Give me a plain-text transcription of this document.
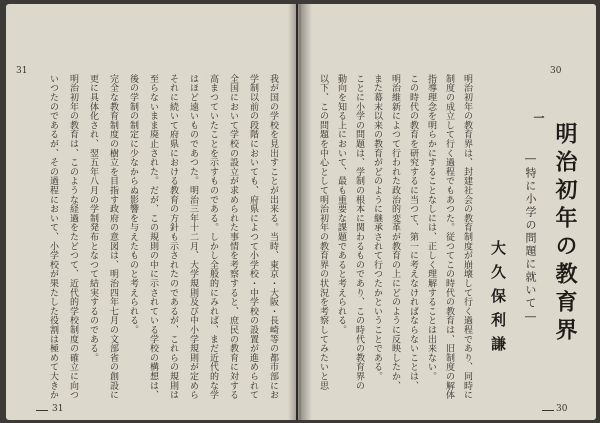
31
31
我が国の学校を見出すことが出来る。当時、東京・大阪・長崎等の都市部にお
学制以前の段階においても、府県によつて小学校・中学校の設置が進められて
全国において学校の設立が求められた事情を考察すると、庶民の教育に対する
高まつていたことを示すものである。しかし全般的にみれば、まだ近代的な学
はほど遠いものであつた。明治三年十二月、大学規則及び中小学規則が定めら
それに続いて府県における教育の方針も示されたのであるが、これらの規則は
至らないまま廃止された。だが、この規則の中に示されている学校の構想は、
後の学制の制定に少なからぬ影響を与えたものと考えられる。
完全な教育制度の樹立を目指す政府の意図は、明治四年七月の文部省の創設に
更に具体化され、翌五年八月の学制発布となつて結実するのである。
明治初年の教育は、このような経過をたどつて、近代的学校制度の確立に向つ
いつたのであるが、その過程において、小学校が果たした役割は極めて大きか
30
30
明治初年の教育界
―特に小学の問題に就いて―
大久保利謙
一
明治初年の教育界は、封建社会の教育制度が崩壊して行く過程であり、同時に
制度の成立して行く過程でもあつた。従つてこの時代の教育は、旧制度の解体
指導理念を明らかにすることなしには、正しく理解することは出来ない。
この時代の教育を研究するに当つて、第一に考えなければならないことは、
明治維新によつて行われた政治的変革が教育の上にどのように反映したか、
また幕末以来の教育がどのように継承されて行つたかということである。
ことに小学の問題は、学制の根本に関わるものであり、この時代の教育界の
動向を知る上において、最も重要な課題であると考えられる。
以下、この問題を中心として明治初年の教育界の状況を考察してみたいと思
